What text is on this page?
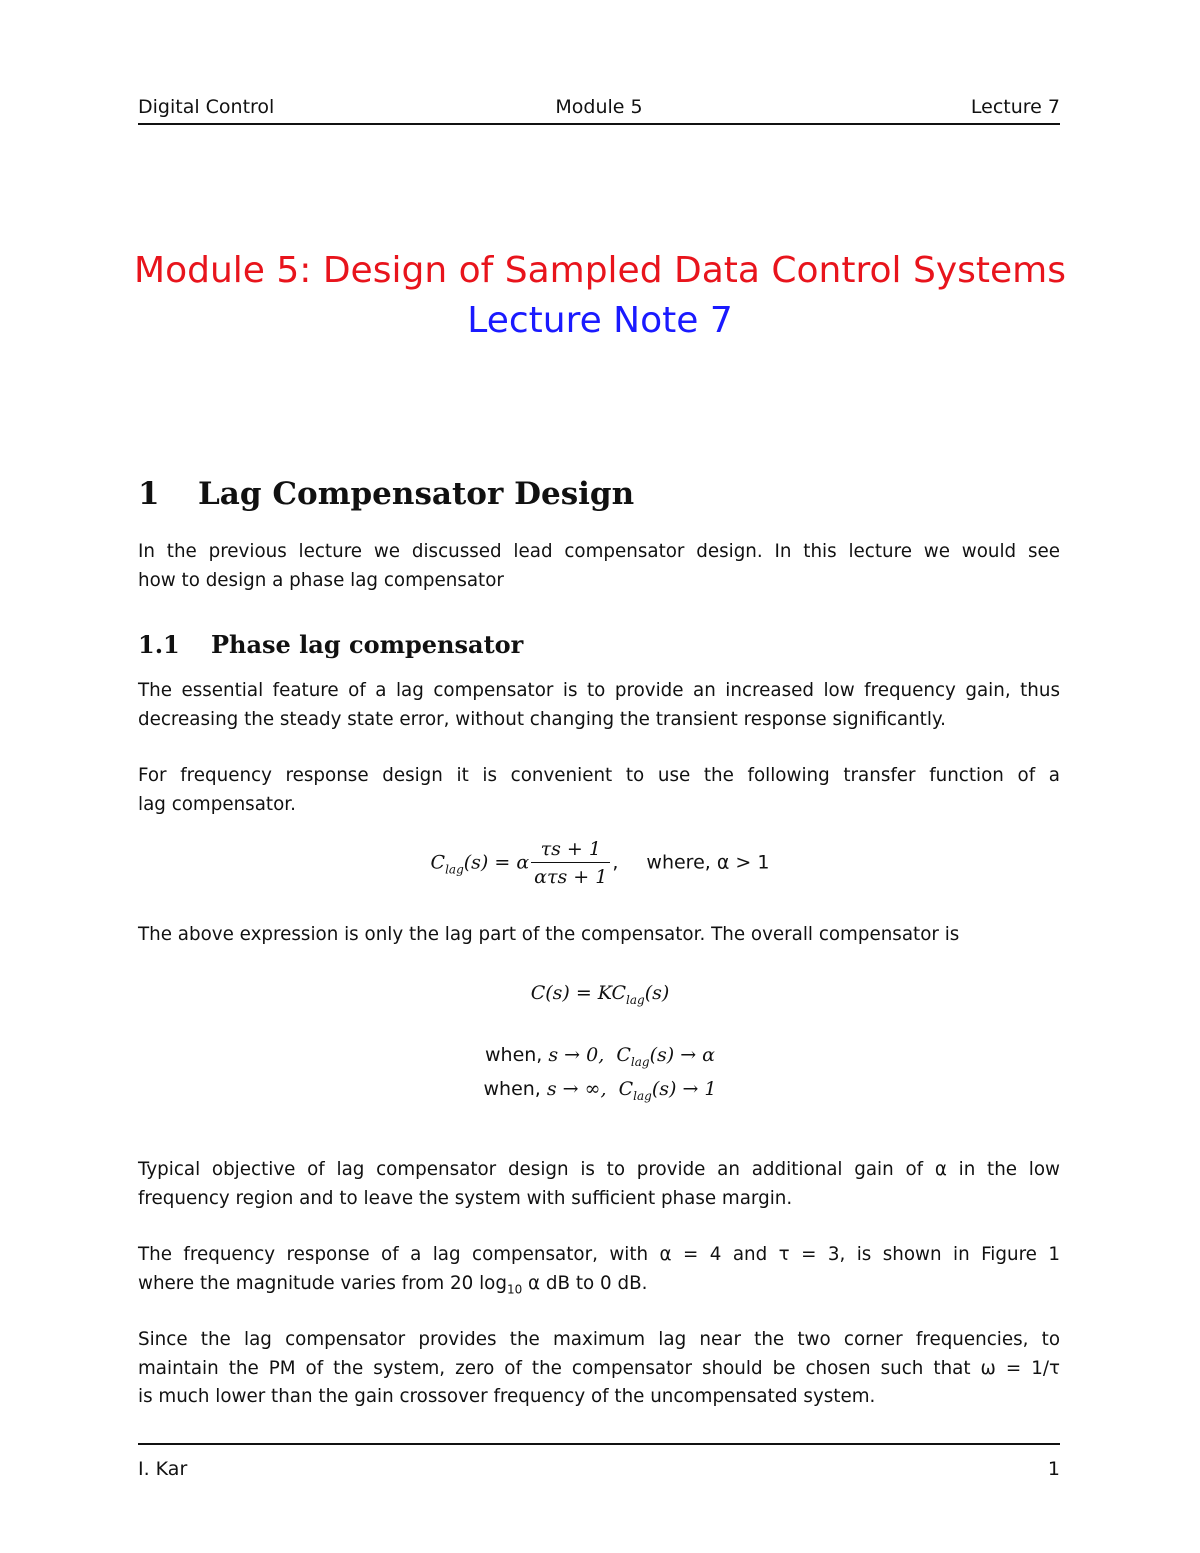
Digital Control	Module 5	Lecture 7
Module 5: Design of Sampled Data Control Systems
Lecture Note 7
1 Lag Compensator Design
In the previous lecture we discussed lead compensator design. In this lecture we would see
how to design a phase lag compensator
1.1 Phase lag compensator
The essential feature of a lag compensator is to provide an increased low frequency gain, thus
decreasing the steady state error, without changing the transient response significantly.
For frequency response design it is convenient to use the following transfer function of a
lag compensator.
$C_{lag}(s) = \alpha \frac{\tau s + 1}{\text{ατs + 1}}$ , where, α > 1
The above expression is only the lag part of the compensator. The overall compensator is
$C(s) = KC_{lag}(s)$
when, s → 0, $C_{lag}(s) \to \alpha$
when, s → ∞, $C_{lag}(s) \to 1$
Typical objective of lag compensator design is to provide an additional gain of α in the low
frequency region and to leave the system with sufficient phase margin.
The frequency response of a lag compensator, with α = 4 and τ = 3, is shown in Figure 1
where the magnitude varies from 20 $\log_{10} \alpha$ dB to 0 dB.
Since the lag compensator provides the maximum lag near the two corner frequencies, to
maintain the PM of the system, zero of the compensator should be chosen such that ω = 1/τ
is much lower than the gain crossover frequency of the uncompensated system.
I. Kar	1
